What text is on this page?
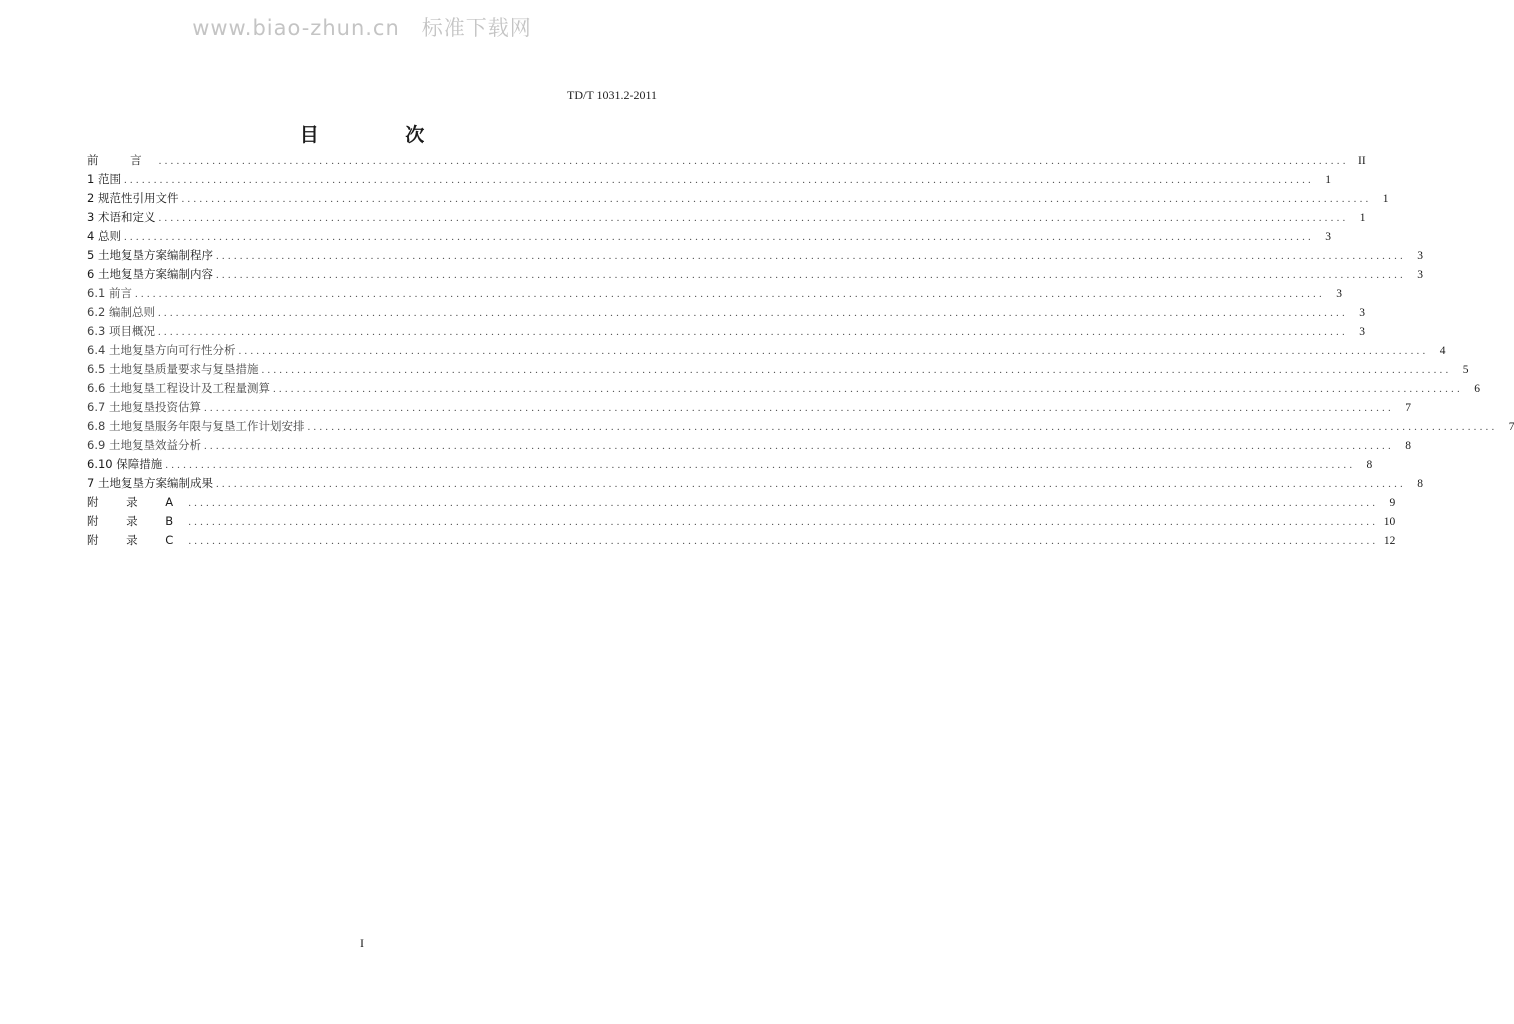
www.biao-zhun.cn 标准下载网
TD/T 1031.2-2011
目 次
前 言 ........................................................................................................................................................................................................ II
1 范围 ........................................................................................................................................................................................................ 1
2 规范性引用文件 ........................................................................................................................................................................................................ 1
3 术语和定义 ........................................................................................................................................................................................................ 1
4 总则 ........................................................................................................................................................................................................ 3
5 土地复垦方案编制程序 ........................................................................................................................................................................................................ 3
6 土地复垦方案编制内容 ........................................................................................................................................................................................................ 3
6.1 前言 ........................................................................................................................................................................................................ 3
6.2 编制总则 ........................................................................................................................................................................................................ 3
6.3 项目概况 ........................................................................................................................................................................................................ 3
6.4 土地复垦方向可行性分析 ........................................................................................................................................................................................................ 4
6.5 土地复垦质量要求与复垦措施 ........................................................................................................................................................................................................ 5
6.6 土地复垦工程设计及工程量测算 ........................................................................................................................................................................................................ 6
6.7 土地复垦投资估算 ........................................................................................................................................................................................................ 7
6.8 土地复垦服务年限与复垦工作计划安排 ........................................................................................................................................................................................................ 7
6.9 土地复垦效益分析 ........................................................................................................................................................................................................ 8
6.10 保障措施 ........................................................................................................................................................................................................ 8
7 土地复垦方案编制成果 ........................................................................................................................................................................................................ 8
附 录 A ........................................................................................................................................................................................................ 9
附 录 B ........................................................................................................................................................................................................ 10
附 录 C ........................................................................................................................................................................................................ 12
I
